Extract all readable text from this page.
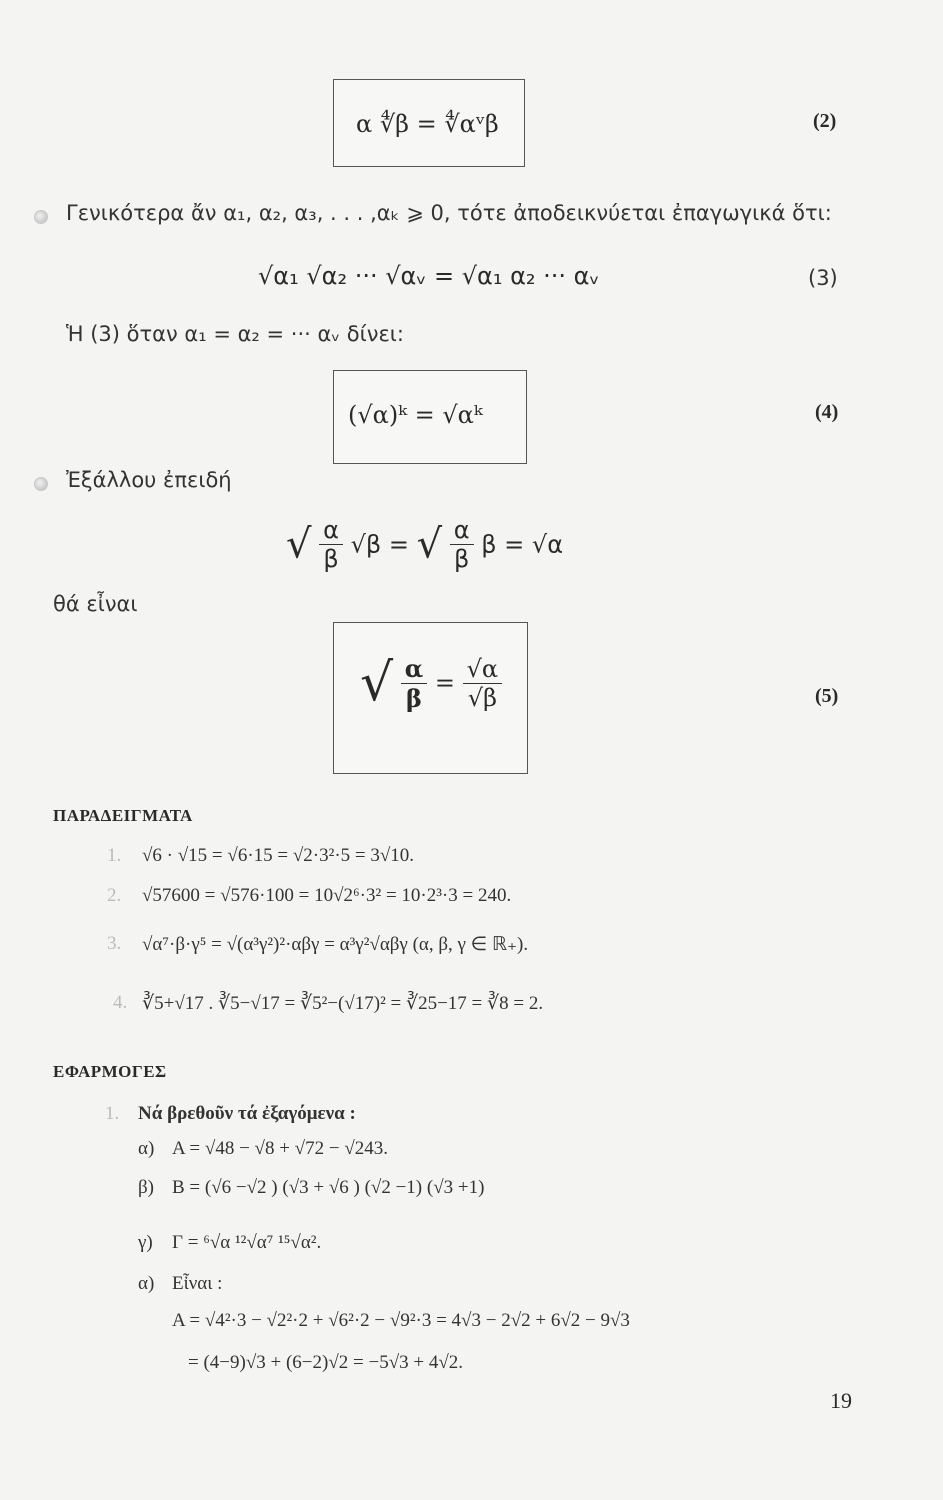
α ∜β = ∜αᵛβ	(2)
Γενικότερα ἄν α₁, α₂, α₃, . . . ,αₖ ⩾ 0, τότε ἀποδεικνύεται ἐπαγωγικά ὅτι:
√α₁ √α₂ ··· √αᵥ = √α₁ α₂ ··· αᵥ	(3)
Ἡ (3) ὅταν α₁ = α₂ = ··· αᵥ δίνει:
(√α)ᵏ = √αᵏ	(4)
Ἐξάλλου ἐπειδή
√ $\frac{\alpha}{\beta} √\beta$ = √ $\frac{\alpha}{\beta}$ β = √α
θά εἶναι
√ $\frac{\alpha}{\beta} = \frac{√\alpha}{√\beta}$	(5)
ΠΑΡΑΔΕΙΓΜΑΤΑ
1. √6 · √15 = √6·15 = √2·3²·5 = 3√10.
2. √57600 = √576·100 = 10√2⁶·3² = 10·2³·3 = 240.
3. √α⁷·β·γ⁵ = √(α³γ²)²·αβγ = α³γ²√αβγ (α, β, γ ∈ ℝ₊).
4. ∛5+√17 . ∛5−√17 = ∛5²−(√17)² = ∛25−17 = ∛8 = 2.
ΕΦΑΡΜΟΓΕΣ
1. Νά βρεθοῦν τά ἐξαγόμενα :
α) Α = √48 − √8 + √72 − √243.
β) Β = (√6 −√2 ) (√3 + √6 ) (√2 −1) (√3 +1)
γ) Γ = ⁶√α ¹²√α⁷ ¹⁵√α².
α) Εἶναι :
Α = √4²·3 − √2²·2 + √6²·2 − √9²·3 = 4√3 − 2√2 + 6√2 − 9√3
= (4−9)√3 + (6−2)√2 = −5√3 + 4√2.
19
